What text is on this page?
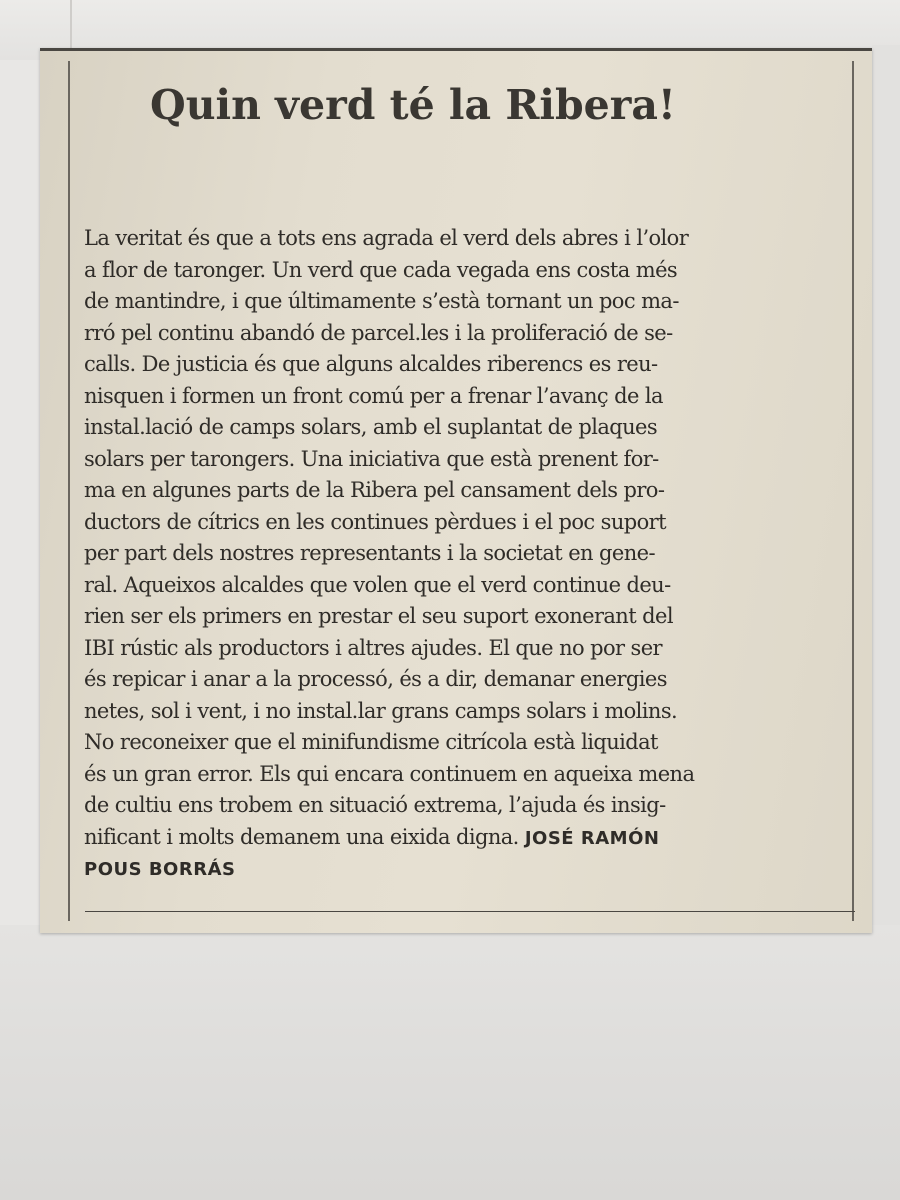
Quin verd té la Ribera!
La veritat és que a tots ens agrada el verd dels abres i l’olor
a flor de taronger. Un verd que cada vegada ens costa més
de mantindre, i que últimamente s’està tornant un poc ma-
rró pel continu abandó de parcel.les i la proliferació de se-
calls. De justicia és que alguns alcaldes riberencs es reu-
nisquen i formen un front comú per a frenar l’avanç de la
instal.lació de camps solars, amb el suplantat de plaques
solars per tarongers. Una iniciativa que està prenent for-
ma en algunes parts de la Ribera pel cansament dels pro-
ductors de cítrics en les continues pèrdues i el poc suport
per part dels nostres representants i la societat en gene-
ral. Aqueixos alcaldes que volen que el verd continue deu-
rien ser els primers en prestar el seu suport exonerant del
IBI rústic als productors i altres ajudes. El que no por ser
és repicar i anar a la processó, és a dir, demanar energies
netes, sol i vent, i no instal.lar grans camps solars i molins.
No reconeixer que el minifundisme citrícola està liquidat
és un gran error. Els qui encara continuem en aqueixa mena
de cultiu ens trobem en situació extrema, l’ajuda és insig-
nificant i molts demanem una eixida digna. JOSÉ RAMÓN
POUS BORRÁS
